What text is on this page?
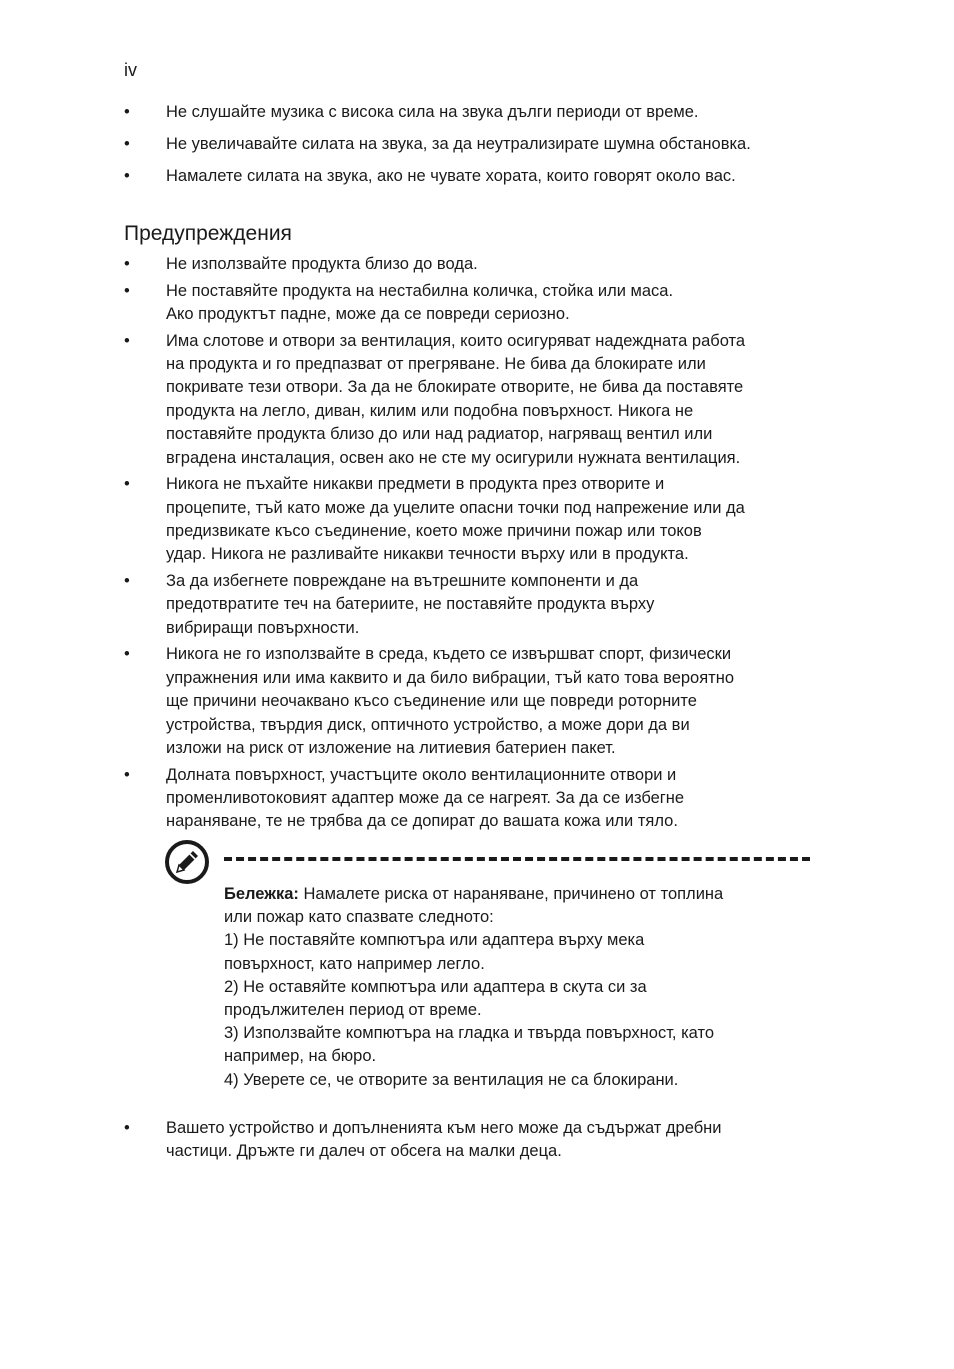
iv
• Не слушайте музика с висока сила на звука дълги периоди от време.
• Не увеличавайте силата на звука, за да неутрализирате шумна обстановка.
• Намалете силата на звука, ако не чувате хората, които говорят около вас.
Предупреждения
• Не използвайте продукта близо до вода.
• Не поставяйте продукта на нестабилна количка, стойка или маса.
Ако продуктът падне, може да се повреди сериозно.
• Има слотове и отвори за вентилация, които осигуряват надеждната работа
на продукта и го предпазват от прегряване. Не бива да блокирате или
покривате тези отвори. За да не блокирате отворите, не бива да поставяте
продукта на легло, диван, килим или подобна повърхност. Никога не
поставяйте продукта близо до или над радиатор, нагряващ вентил или
вградена инсталация, освен ако не сте му осигурили нужната вентилация.
• Никога не пъхайте никакви предмети в продукта през отворите и
процепите, тъй като може да уцелите опасни точки под напрежение или да
предизвикате късо съединение, което може причини пожар или токов
удар. Никога не разливайте никакви течности върху или в продукта.
• За да избегнете повреждане на вътрешните компоненти и да
предотвратите теч на батериите, не поставяйте продукта върху
вибриращи повърхности.
• Никога не го използвайте в среда, където се извършват спорт, физически
упражнения или има каквито и да било вибрации, тъй като това вероятно
ще причини неочаквано късо съединение или ще повреди роторните
устройства, твърдия диск, оптичното устройство, а може дори да ви
изложи на риск от изложение на литиевия батериен пакет.
• Долната повърхност, участъците около вентилационните отвори и
променливотоковият адаптер може да се нагреят. За да се избегне
нараняване, те не трябва да се допират до вашата кожа или тяло.
Бележка: Намалете риска от нараняване, причинено от топлина
или пожар като спазвате следното:
1) Не поставяйте компютъра или адаптера върху мека
повърхност, като например легло.
2) Не оставяйте компютъра или адаптера в скута си за
продължителен период от време.
3) Използвайте компютъра на гладка и твърда повърхност, като
например, на бюро.
4) Уверете се, че отворите за вентилация не са блокирани.
• Вашето устройство и допълненията към него може да съдържат дребни
частици. Дръжте ги далеч от обсега на малки деца.
